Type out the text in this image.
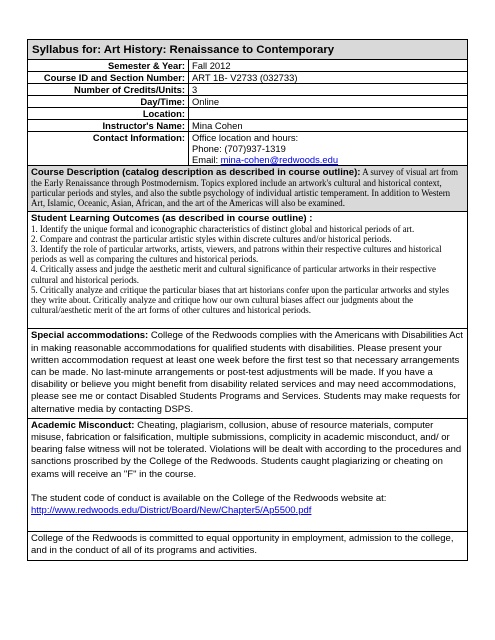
Syllabus for: Art History: Renaissance to Contemporary
Semester & Year: Fall 2012
Course ID and Section Number: ART 1B- V2733 (032733)
Number of Credits/Units: 3
Day/Time: Online
Location:

Instructor's Name: Mina Cohen
Contact Information: Office location and hours:
Phone: (707)937-1319
Email: mina-cohen@redwoods.edu
Course Description (catalog description as described in course outline): A survey of visual art from the Early Renaissance through Postmodernism. Topics explored include an artwork's cultural and historical context, particular periods and styles, and also the subtle psychology of individual artistic temperament. In addition to Western Art, Islamic, Oceanic, Asian, African, and the art of the Americas will also be examined.
Student Learning Outcomes (as described in course outline) :
1. Identify the unique formal and iconographic characteristics of distinct global and historical periods of art.
2. Compare and contrast the particular artistic styles within discrete cultures and/or historical periods.
3. Identify the role of particular artworks, artists, viewers, and patrons within their respective cultures and historical periods as well as comparing the cultures and historical periods.
4. Critically assess and judge the aesthetic merit and cultural significance of particular artworks in their respective cultural and historical periods.
5. Critically analyze and critique the particular biases that art historians confer upon the particular artworks and styles they write about. Critically analyze and critique how our own cultural biases affect our judgments about the cultural/aesthetic merit of the art forms of other cultures and historical periods.

Special accommodations: College of the Redwoods complies with the Americans with Disabilities Act in making reasonable accommodations for qualified students with disabilities. Please present your written accommodation request at least one week before the first test so that necessary arrangements can be made. No last-minute arrangements or post-test adjustments will be made. If you have a disability or believe you might benefit from disability related services and may need accommodations, please see me or contact Disabled Students Programs and Services. Students may make requests for alternative media by contacting DSPS.

Academic Misconduct: Cheating, plagiarism, collusion, abuse of resource materials, computer misuse, fabrication or falsification, multiple submissions, complicity in academic misconduct, and/ or bearing false witness will not be tolerated. Violations will be dealt with according to the procedures and sanctions proscribed by the College of the Redwoods. Students caught plagiarizing or cheating on exams will receive an "F" in the course.

The student code of conduct is available on the College of the Redwoods website at:

http://www.redwoods.edu/District/Board/New/Chapter5/Ap5500.pdf

College of the Redwoods is committed to equal opportunity in employment, admission to the college, and in the conduct of all of its programs and activities.
